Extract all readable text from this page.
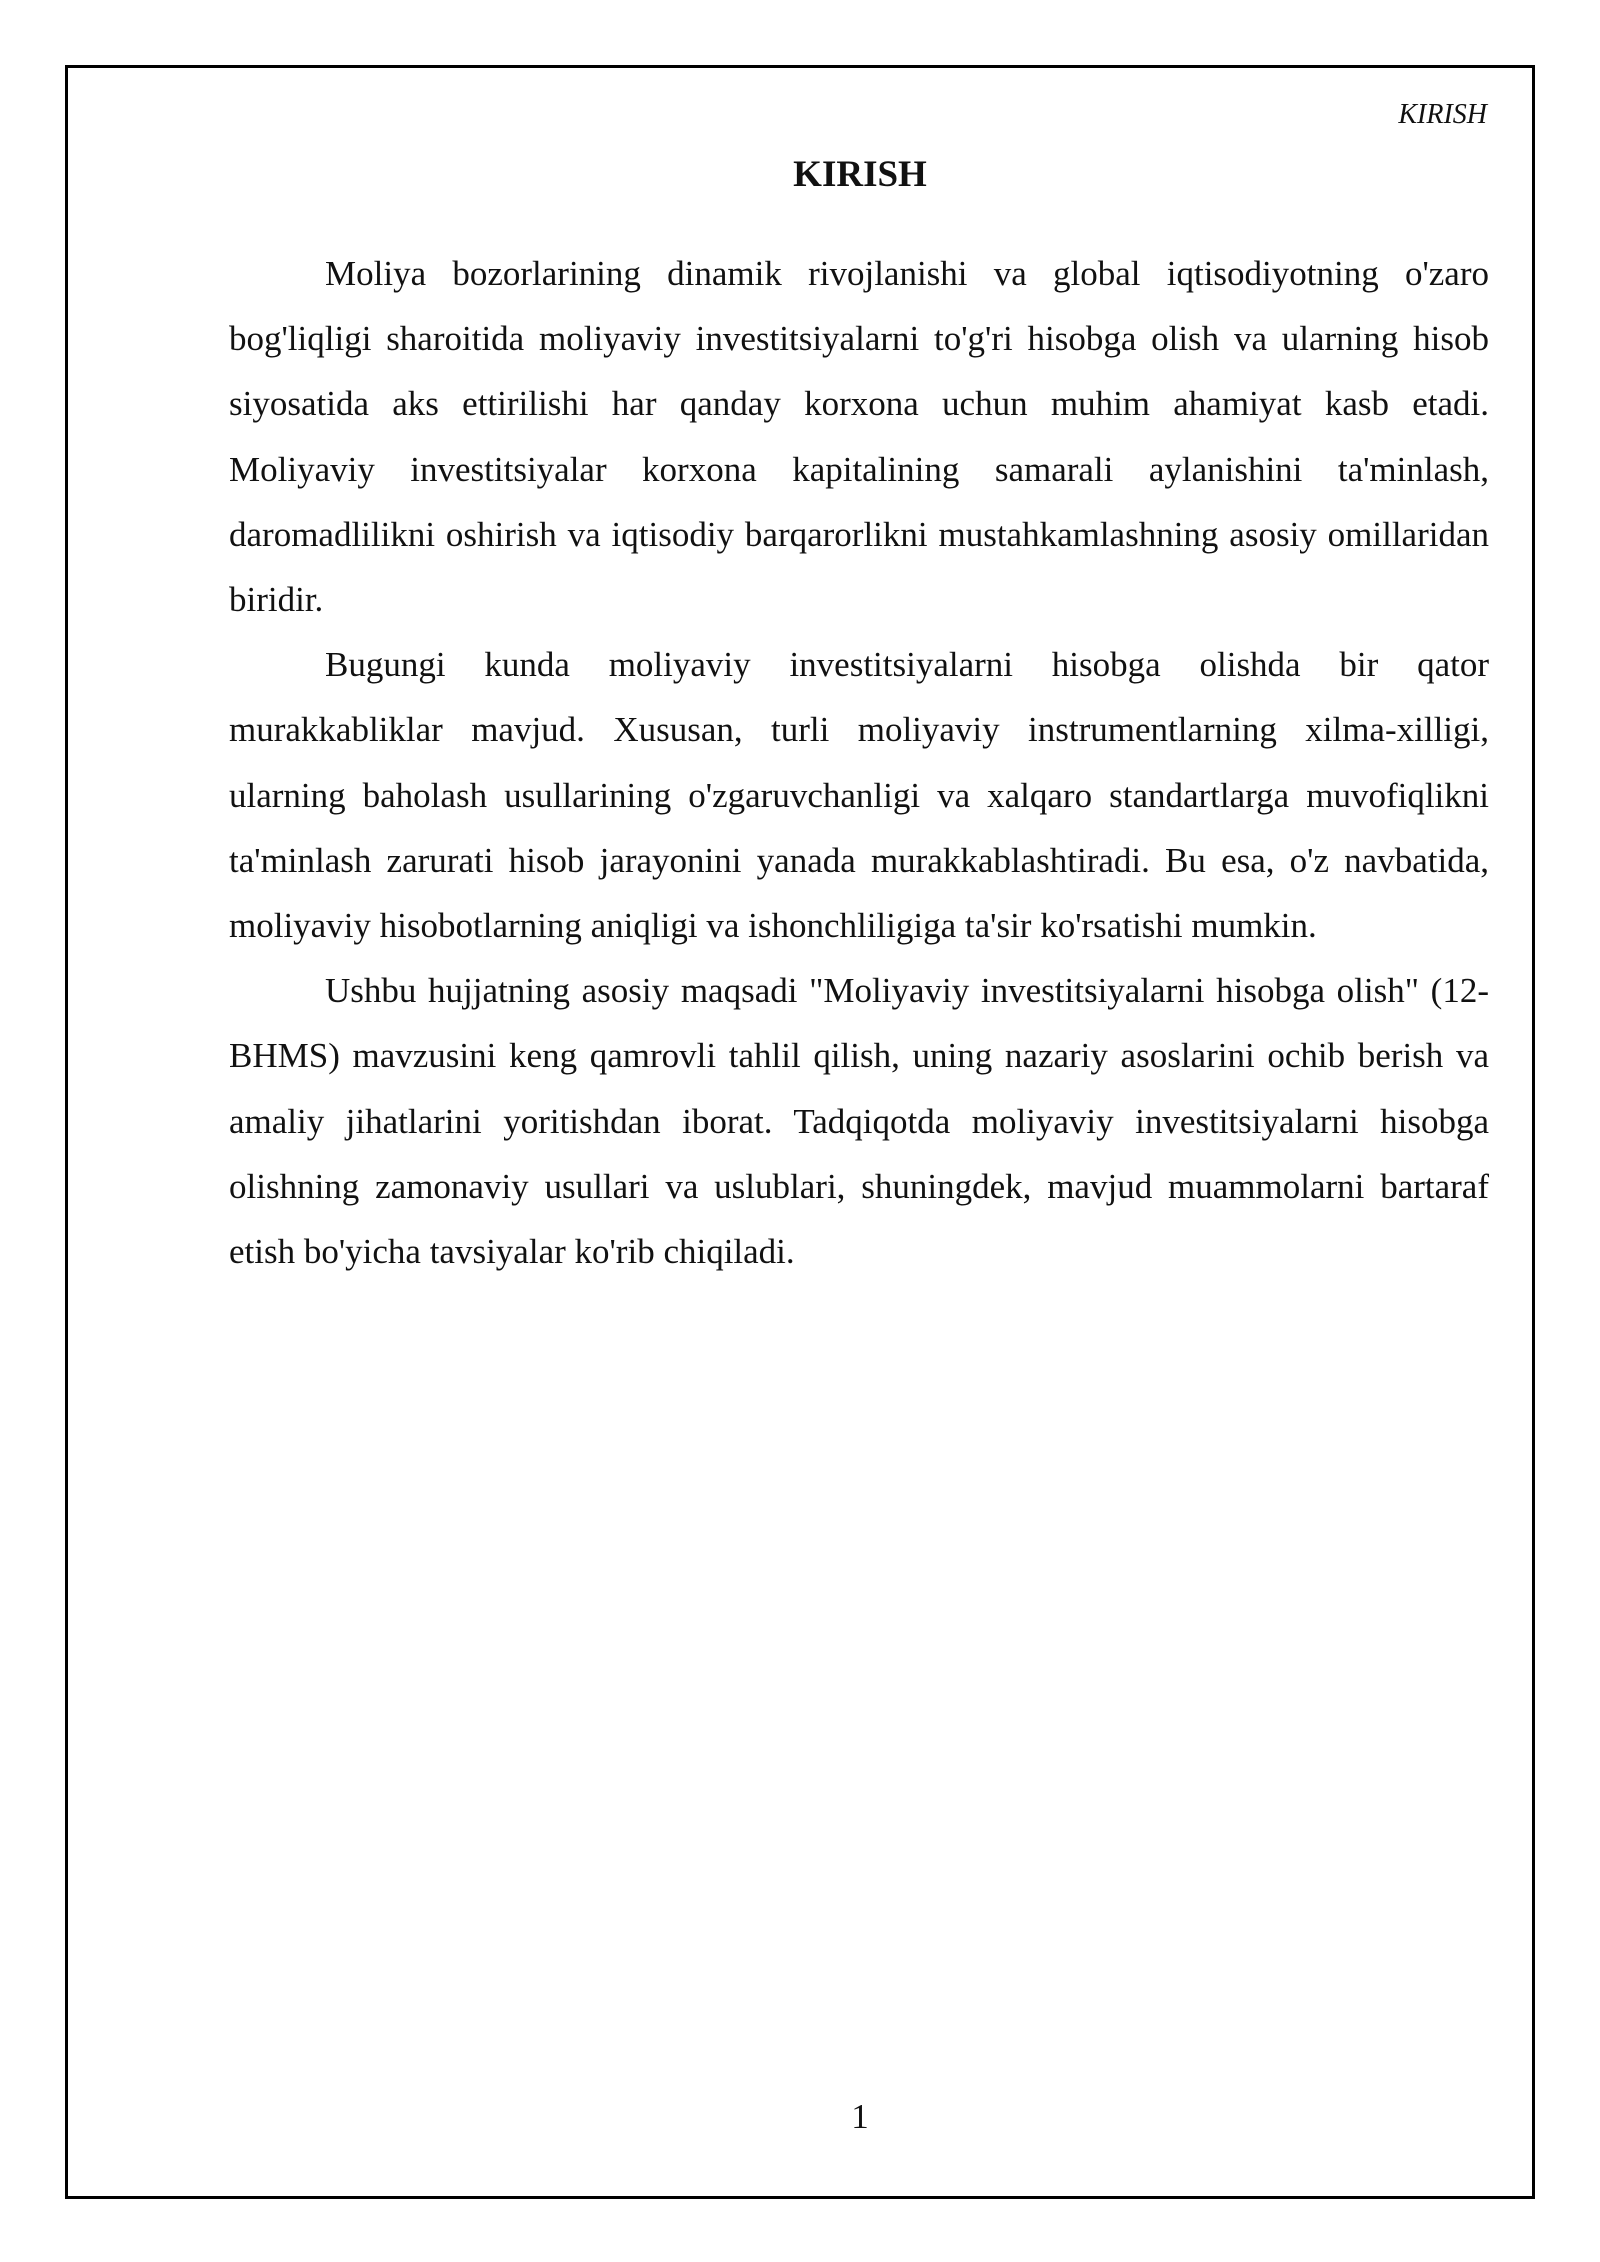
KIRISH

KIRISH

Moliya bozorlarining dinamik rivojlanishi va global iqtisodiyotning o'zaro bog'liqligi sharoitida moliyaviy investitsiyalarni to'g'ri hisobga olish va ularning hisob siyosatida aks ettirilishi har qanday korxona uchun muhim ahamiyat kasb etadi. Moliyaviy investitsiyalar korxona kapitalining samarali aylanishini ta'minlash, daromadlilikni oshirish va iqtisodiy barqarorlikni mustahkamlashning asosiy omillaridan biridir.

Bugungi kunda moliyaviy investitsiyalarni hisobga olishda bir qator murakkabliklar mavjud. Xususan, turli moliyaviy instrumentlarning xilma-xilligi, ularning baholash usullarining o'zgaruvchanligi va xalqaro standartlarga muvofiqlikni ta'minlash zarurati hisob jarayonini yanada murakkablashtiradi. Bu esa, o'z navbatida, moliyaviy hisobotlarning aniqligi va ishonchliligiga ta'sir ko'rsatishi mumkin.

Ushbu hujjatning asosiy maqsadi "Moliyaviy investitsiyalarni hisobga olish" (12-BHMS) mavzusini keng qamrovli tahlil qilish, uning nazariy asoslarini ochib berish va amaliy jihatlarini yoritishdan iborat. Tadqiqotda moliyaviy investitsiyalarni hisobga olishning zamonaviy usullari va uslublari, shuningdek, mavjud muammolarni bartaraf etish bo'yicha tavsiyalar ko'rib chiqiladi.

1
